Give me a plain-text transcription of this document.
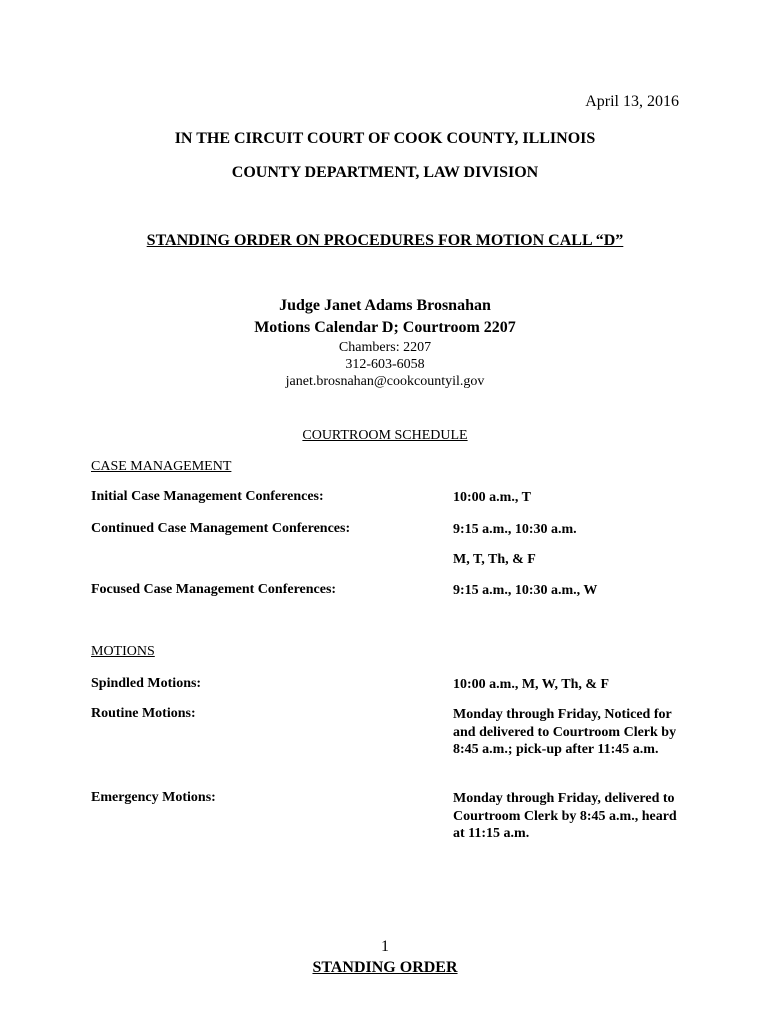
April 13, 2016
IN THE CIRCUIT COURT OF COOK COUNTY, ILLINOIS
COUNTY DEPARTMENT, LAW DIVISION
STANDING ORDER ON PROCEDURES FOR MOTION CALL “D”
Judge Janet Adams Brosnahan
Motions Calendar D; Courtroom 2207
Chambers: 2207
312-603-6058
janet.brosnahan@cookcountyil.gov
COURTROOM SCHEDULE
CASE MANAGEMENT
Initial Case Management Conferences:	10:00 a.m., T
Continued Case Management Conferences:	9:15 a.m., 10:30 a.m.
M, T, Th, & F
Focused Case Management Conferences:	9:15 a.m., 10:30 a.m., W
MOTIONS
Spindled Motions:	10:00 a.m., M, W, Th, & F
Routine Motions:	Monday through Friday, Noticed for and delivered to Courtroom Clerk by 8:45 a.m.; pick-up after 11:45 a.m.
Emergency Motions:	Monday through Friday, delivered to Courtroom Clerk by 8:45 a.m., heard at 11:15 a.m.
1
STANDING ORDER
